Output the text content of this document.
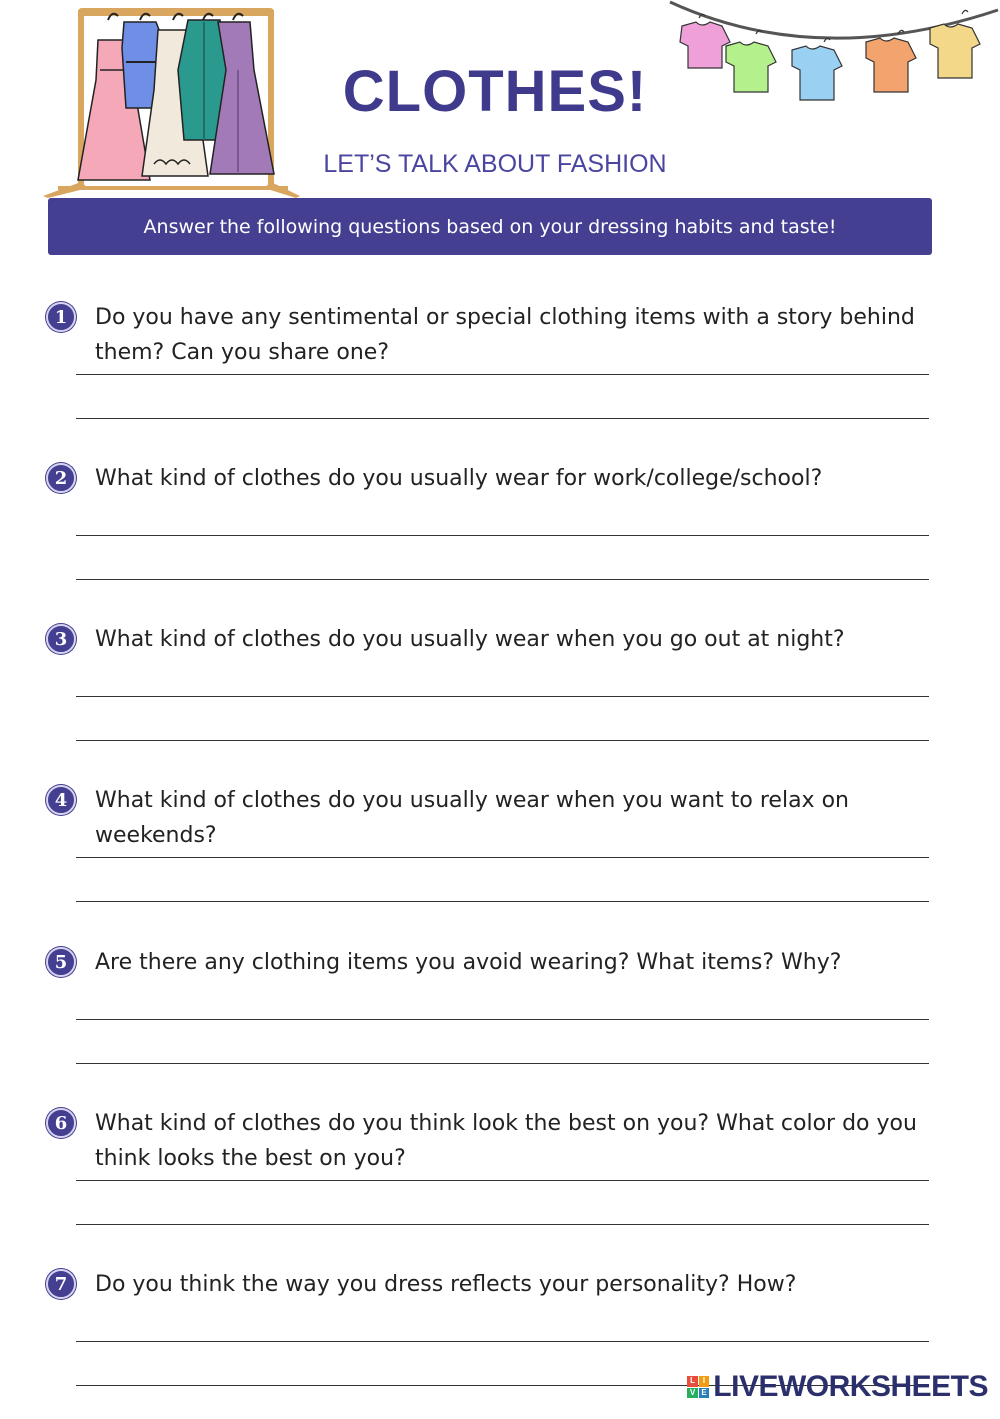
CLOTHES!

LET’S TALK ABOUT FASHION

Answer the following questions based on your dressing habits and taste!
1	Do you have any sentimental or special clothing items with a story behind them? Can you share one?
2	What kind of clothes do you usually wear for work/college/school?
3	What kind of clothes do you usually wear when you go out at night?
4	What kind of clothes do you usually wear when you want to relax on weekends?
5	Are there any clothing items you avoid wearing? What items? Why?
6	What kind of clothes do you think look the best on you? What color do you think looks the best on you?
7	Do you think the way you dress reflects your personality? How?
L I
V E LIVEWORKSHEETS
